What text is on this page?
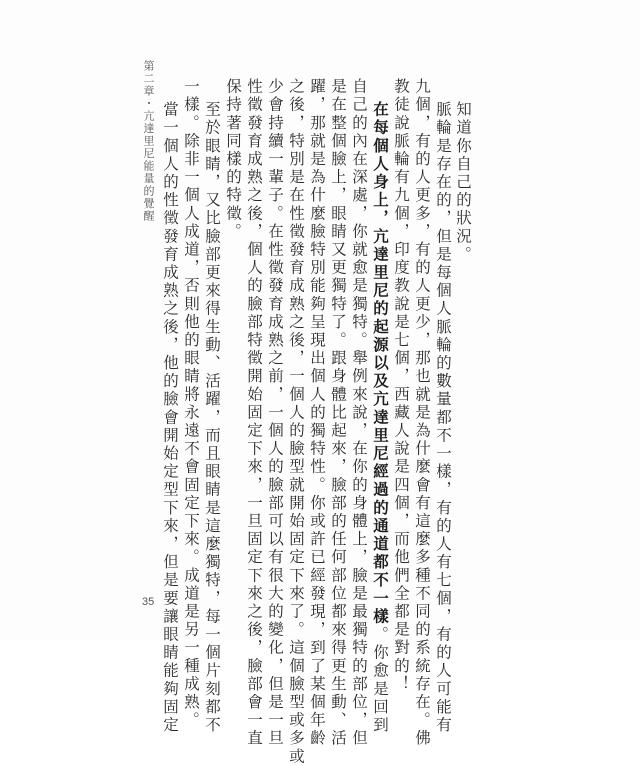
知道你自己的狀況。
脈輪是存在的，但是每個人脈輪的數量都不一樣，有的人有七個，有的人可能有
九個，有的人更多，有的人更少，那也就是為什麼會有這麼多種不同的系統存在。佛
教徒說脈輪有九個，印度教說是七個，西藏人說是四個，而他們全都是對的！
在每個人身上，亢達里尼的起源以及亢達里尼經過的通道都不一樣。你愈是回到
自己的內在深處，你就愈是獨特。舉例來說，在你的身體上，臉是最獨特的部位，但
是在整個臉上，眼睛又更獨特了。跟身體比起來，臉部的任何部位都來得更生動、活
躍，那就是為什麼臉特別能夠呈現出個人的獨特性。你或許已經發現，到了某個年齡
之後，特別是在性徵發育成熟之後，一個人的臉型就開始固定下來了。這個臉型或多或
少會持續一輩子。在性徵發育成熟之前，一個人的臉部可以有很大的變化，但是一旦
性徵發育成熟之後，個人的臉部特徵開始固定下來，一旦固定下來之後，臉部會一直
保持著同樣的特徵。
至於眼睛，又比臉部更來得生動、活躍，而且眼睛是這麼獨特，每一個片刻都不
一樣。除非一個人成道，否則他的眼睛將永遠不會固定下來。成道是另一種成熟。
當一個人的性徵發育成熟之後，他的臉會開始定型下來，但是要讓眼睛能夠固定
第二章・亢達里尼能量的覺醒
35
